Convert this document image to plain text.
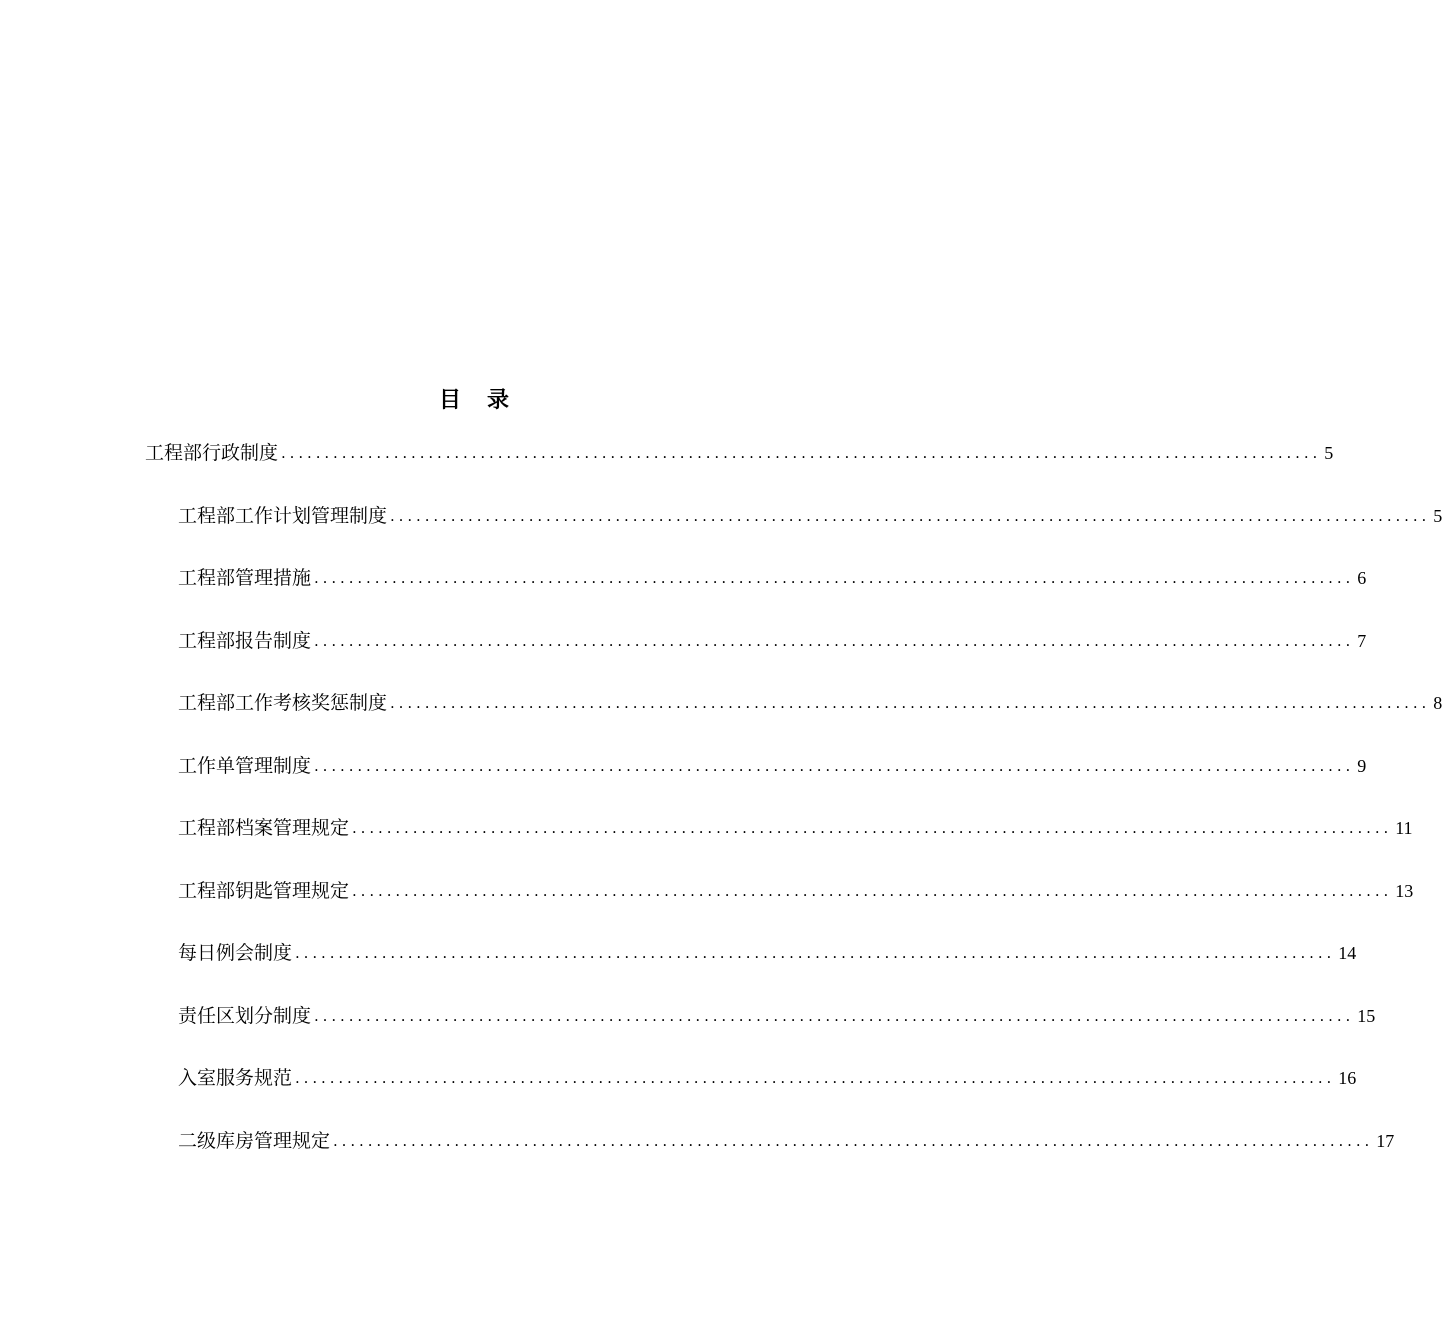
目　录
工程部行政制度 ........................................................................................................................ 5
工程部工作计划管理制度 ........................................................................................................................ 5
工程部管理措施 ........................................................................................................................ 6
工程部报告制度 ........................................................................................................................ 7
工程部工作考核奖惩制度 ........................................................................................................................ 8
工作单管理制度 ........................................................................................................................ 9
工程部档案管理规定 ........................................................................................................................ 11
工程部钥匙管理规定 ........................................................................................................................ 13
每日例会制度 ........................................................................................................................ 14
责任区划分制度 ........................................................................................................................ 15
入室服务规范 ........................................................................................................................ 16
二级库房管理规定 ........................................................................................................................ 17
